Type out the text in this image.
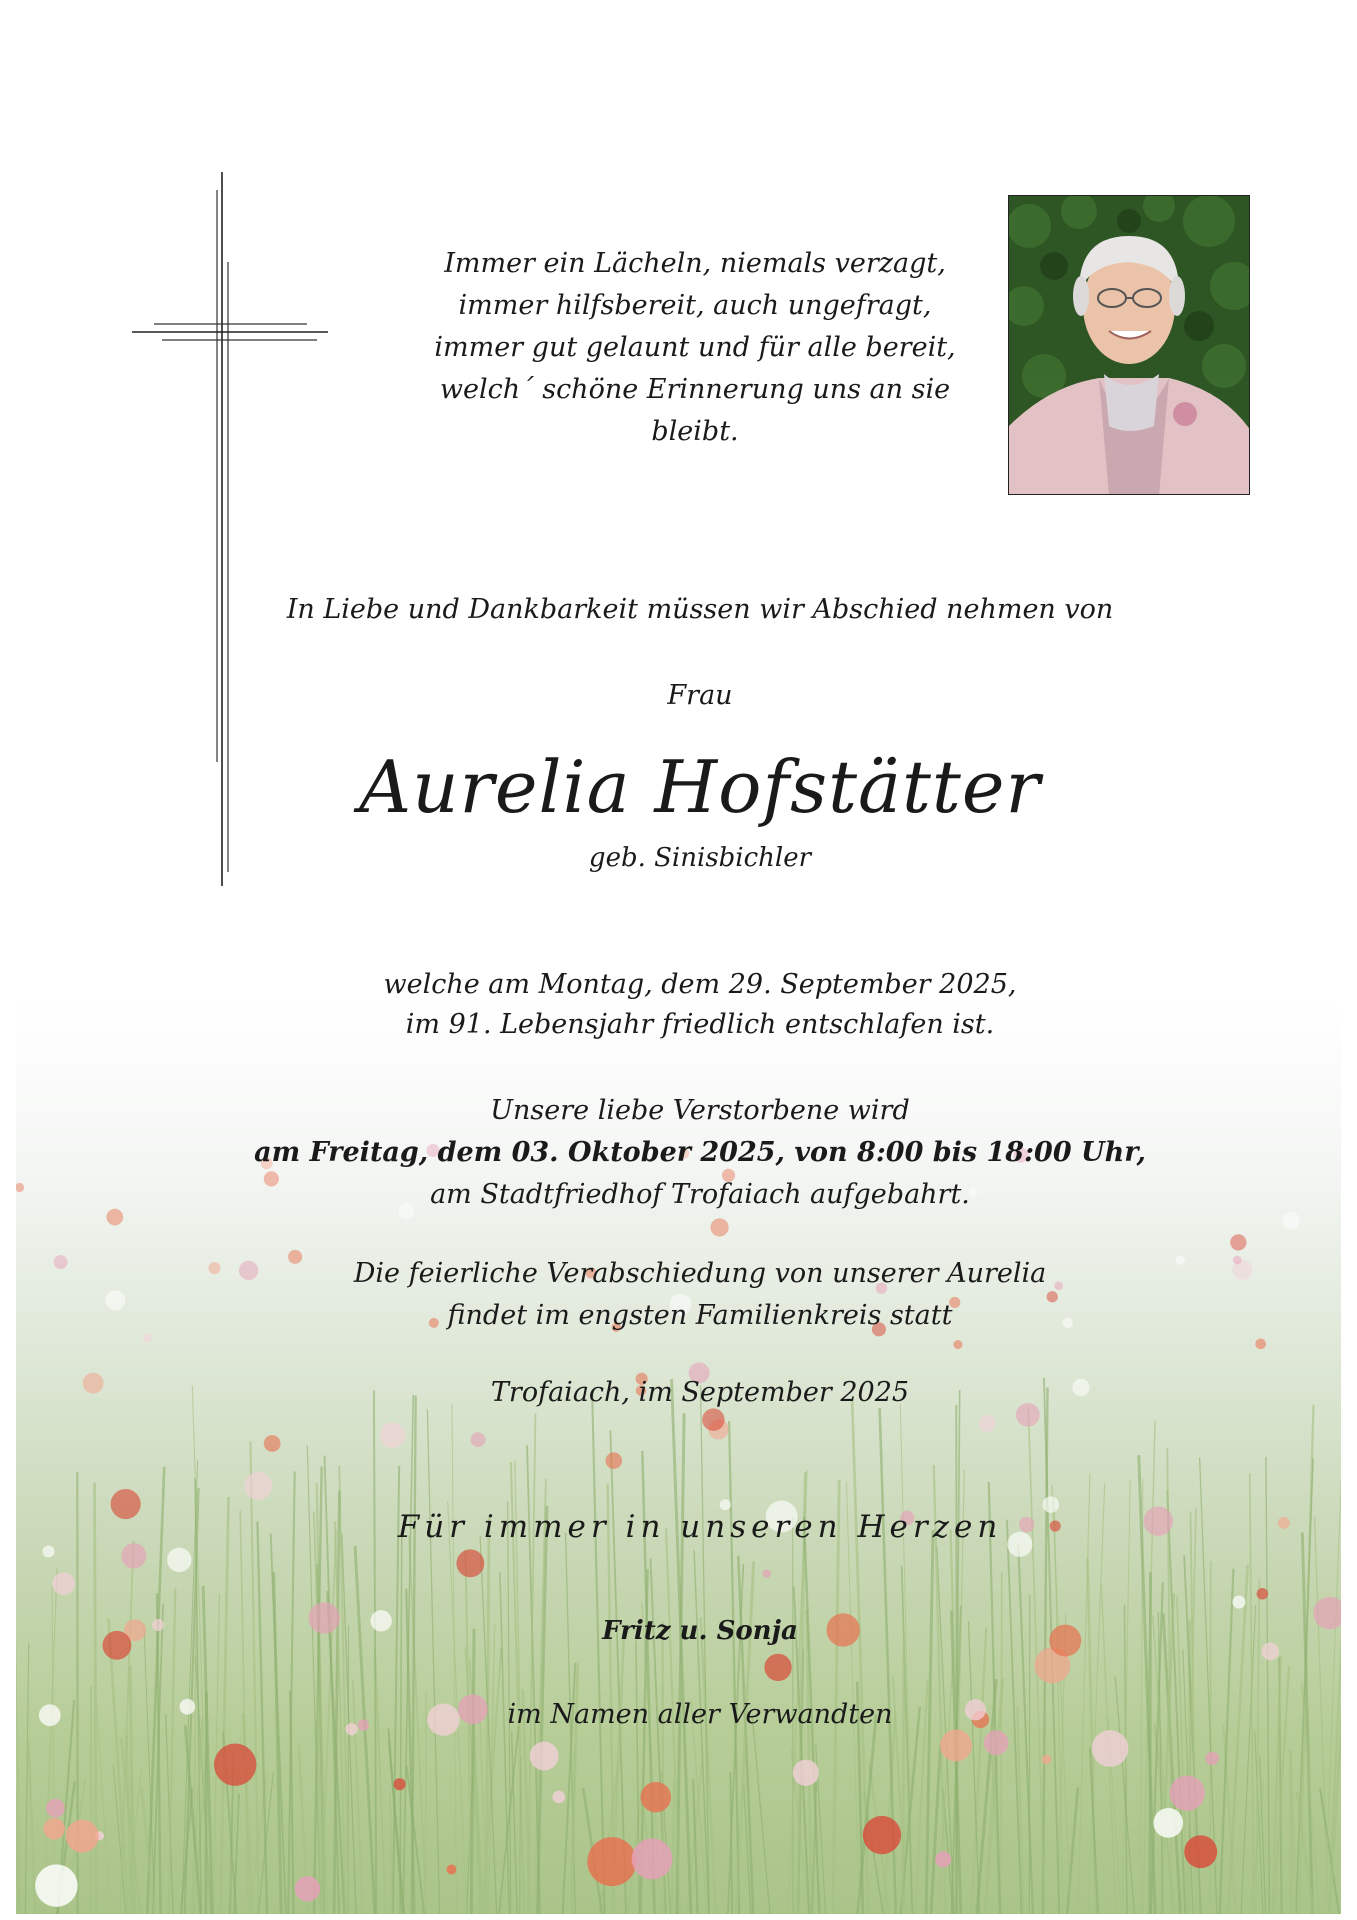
Immer ein Lächeln, niemals verzagt,
immer hilfsbereit, auch ungefragt,
immer gut gelaunt und für alle bereit,
welch´ schöne Erinnerung uns an sie
bleibt.
In Liebe und Dankbarkeit müssen wir Abschied nehmen von
Frau
Aurelia Hofstätter
geb. Sinisbichler
welche am Montag, dem 29. September 2025,
im 91. Lebensjahr friedlich entschlafen ist.
Unsere liebe Verstorbene wird
am Freitag, dem 03. Oktober 2025, von 8:00 bis 18:00 Uhr,
am Stadtfriedhof Trofaiach aufgebahrt.
Die feierliche Verabschiedung von unserer Aurelia
findet im engsten Familienkreis statt
Trofaiach, im September 2025
Für immer in unseren Herzen
Fritz u. Sonja
im Namen aller Verwandten
